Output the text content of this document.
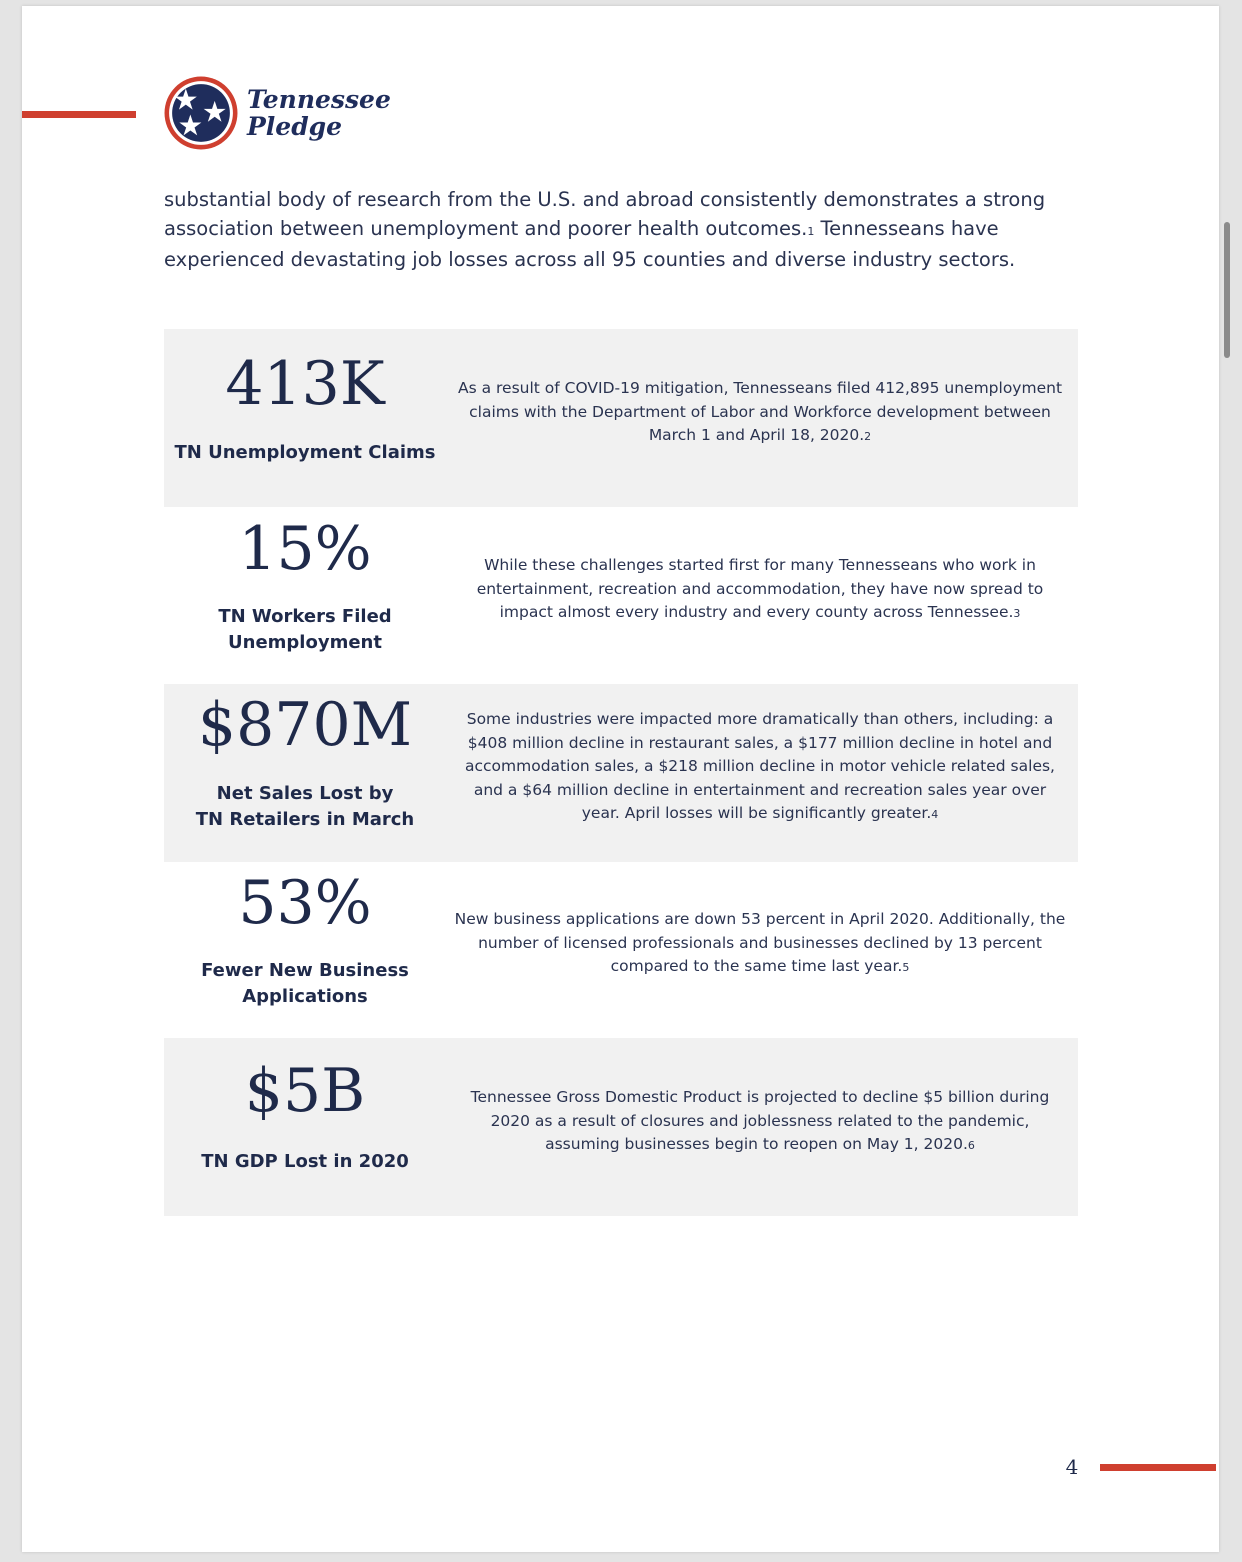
Tennessee
Pledge

substantial body of research from the U.S. and abroad consistently demonstrates a strong association between unemployment and poorer health outcomes.1 Tennesseans have experienced devastating job losses across all 95 counties and diverse industry sectors.

413K
TN Unemployment Claims
As a result of COVID-19 mitigation, Tennesseans filed 412,895 unemployment claims with the Department of Labor and Workforce development between March 1 and April 18, 2020.2
15%
TN Workers Filed
Unemployment
While these challenges started first for many Tennesseans who work in entertainment, recreation and accommodation, they have now spread to impact almost every industry and every county across Tennessee.3
$870M
Net Sales Lost by
TN Retailers in March
Some industries were impacted more dramatically than others, including: a $408 million decline in restaurant sales, a $177 million decline in hotel and accommodation sales, a $218 million decline in motor vehicle related sales, and a $64 million decline in entertainment and recreation sales year over year. April losses will be significantly greater.4
53%
Fewer New Business
Applications
New business applications are down 53 percent in April 2020. Additionally, the number of licensed professionals and businesses declined by 13 percent compared to the same time last year.5
$5B
TN GDP Lost in 2020
Tennessee Gross Domestic Product is projected to decline $5 billion during 2020 as a result of closures and joblessness related to the pandemic, assuming businesses begin to reopen on May 1, 2020.6
4
